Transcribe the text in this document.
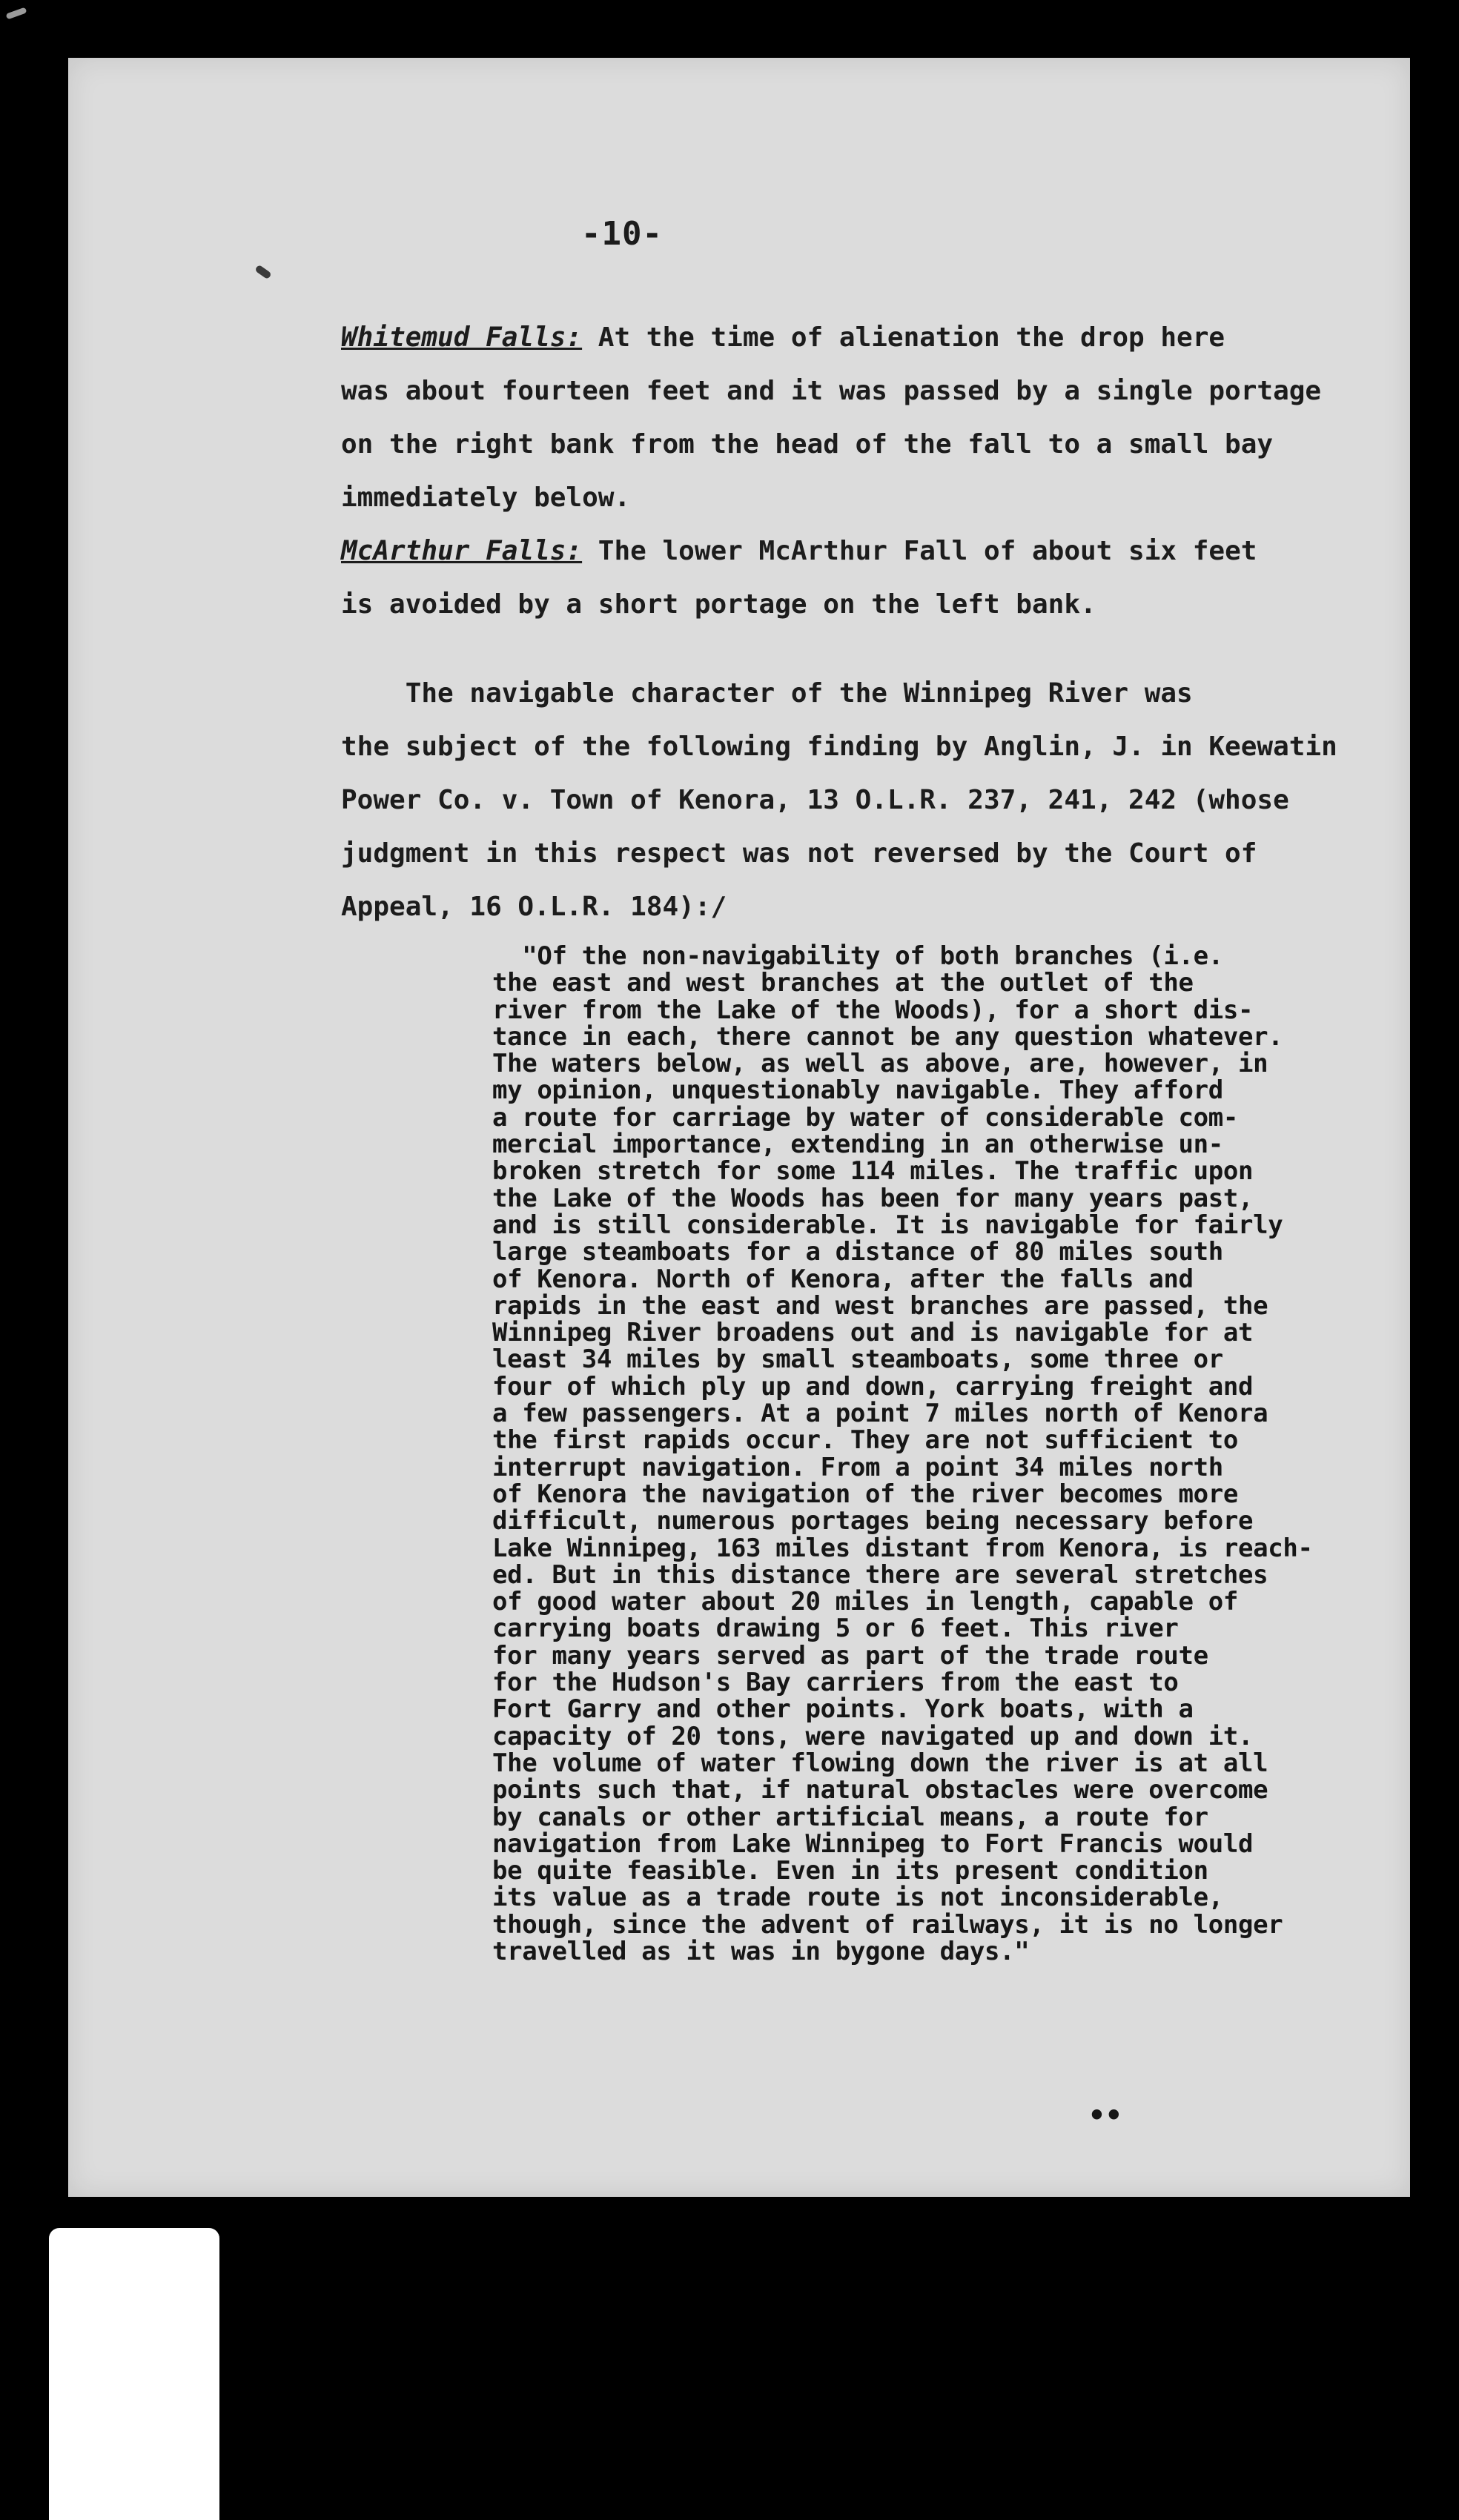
-10-
Whitemud Falls: At the time of alienation the drop here
was about fourteen feet and it was passed by a single portage
on the right bank from the head of the fall to a small bay
immediately below.
McArthur Falls: The lower McArthur Fall of about six feet
is avoided by a short portage on the left bank.
The navigable character of the Winnipeg River was
the subject of the following finding by Anglin, J. in Keewatin
Power Co. v. Town of Kenora, 13 O.L.R. 237, 241, 242 (whose
judgment in this respect was not reversed by the Court of
Appeal, 16 O.L.R. 184):/
"Of the non-navigability of both branches (i.e.
the east and west branches at the outlet of the
river from the Lake of the Woods), for a short dis-
tance in each, there cannot be any question whatever.
The waters below, as well as above, are, however, in
my opinion, unquestionably navigable. They afford
a route for carriage by water of considerable com-
mercial importance, extending in an otherwise un-
broken stretch for some 114 miles. The traffic upon
the Lake of the Woods has been for many years past,
and is still considerable. It is navigable for fairly
large steamboats for a distance of 80 miles south
of Kenora. North of Kenora, after the falls and
rapids in the east and west branches are passed, the
Winnipeg River broadens out and is navigable for at
least 34 miles by small steamboats, some three or
four of which ply up and down, carrying freight and
a few passengers. At a point 7 miles north of Kenora
the first rapids occur. They are not sufficient to
interrupt navigation. From a point 34 miles north
of Kenora the navigation of the river becomes more
difficult, numerous portages being necessary before
Lake Winnipeg, 163 miles distant from Kenora, is reach-
ed. But in this distance there are several stretches
of good water about 20 miles in length, capable of
carrying boats drawing 5 or 6 feet. This river
for many years served as part of the trade route
for the Hudson's Bay carriers from the east to
Fort Garry and other points. York boats, with a
capacity of 20 tons, were navigated up and down it.
The volume of water flowing down the river is at all
points such that, if natural obstacles were overcome
by canals or other artificial means, a route for
navigation from Lake Winnipeg to Fort Francis would
be quite feasible. Even in its present condition
its value as a trade route is not inconsiderable,
though, since the advent of railways, it is no longer
travelled as it was in bygone days."
••
